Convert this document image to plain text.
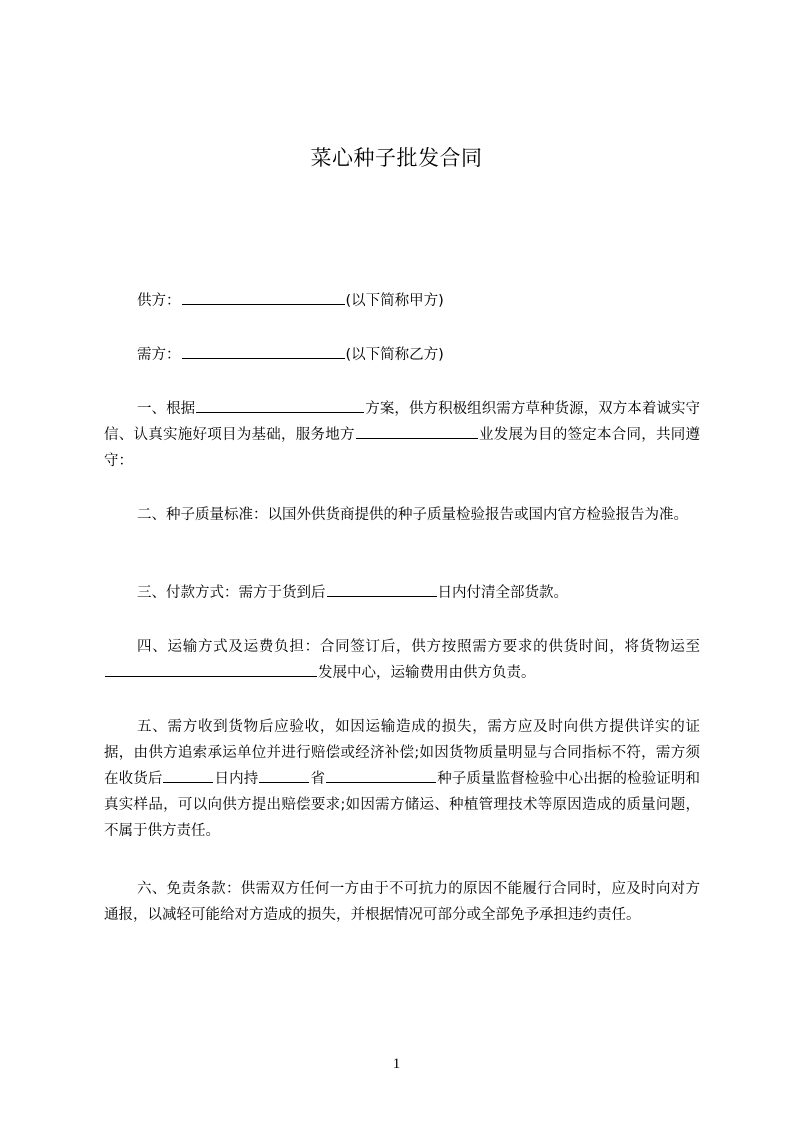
菜心种子批发合同
供方：	(以下简称甲方)
需方：	(以下简称乙方)
一、根据	方案，供方积极组织需方草种货源，双方本着诚实守信、认真实施好项目为基础，服务地方	业发展为目的签定本合同，共同遵守：
二、种子质量标准：以国外供货商提供的种子质量检验报告或国内官方检验报告为准。
三、付款方式：需方于货到后	日内付清全部货款。
四、运输方式及运费负担：合同签订后，供方按照需方要求的供货时间，将货物运至发展中心，运输费用由供方负责。
五、需方收到货物后应验收，如因运输造成的损失，需方应及时向供方提供详实的证据，由供方追索承运单位并进行赔偿或经济补偿;如因货物质量明显与合同指标不符，需方须在收货后	日内持	省	种子质量监督检验中心出据的检验证明和真实样品，可以向供方提出赔偿要求;如因需方储运、种植管理技术等原因造成的质量问题，不属于供方责任。
六、免责条款：供需双方任何一方由于不可抗力的原因不能履行合同时，应及时向对方通报，以减轻可能给对方造成的损失，并根据情况可部分或全部免予承担违约责任。
1
